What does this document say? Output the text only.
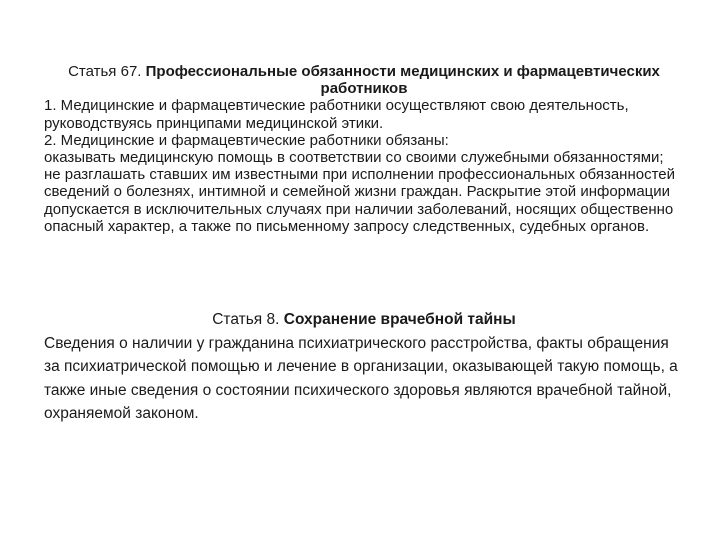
Статья 67. Профессиональные обязанности медицинских и фармацевтических работников

1. Медицинские и фармацевтические работники осуществляют свою деятельность, руководствуясь принципами медицинской этики.

2. Медицинские и фармацевтические работники обязаны:

оказывать медицинскую помощь в соответствии со своими служебными обязанностями; не разглашать ставших им известными при исполнении профессиональных обязанностей сведений о болезнях, интимной и семейной жизни граждан. Раскрытие этой информации допускается в исключительных случаях при наличии заболеваний, носящих общественно опасный характер, а также по письменному запросу следственных, судебных органов.

Статья 8. Сохранение врачебной тайны

Сведения о наличии у гражданина психиатрического расстройства, факты обращения за психиатрической помощью и лечение в организации, оказывающей такую помощь, а также иные сведения о состоянии психического здоровья являются врачебной тайной, охраняемой законом.
